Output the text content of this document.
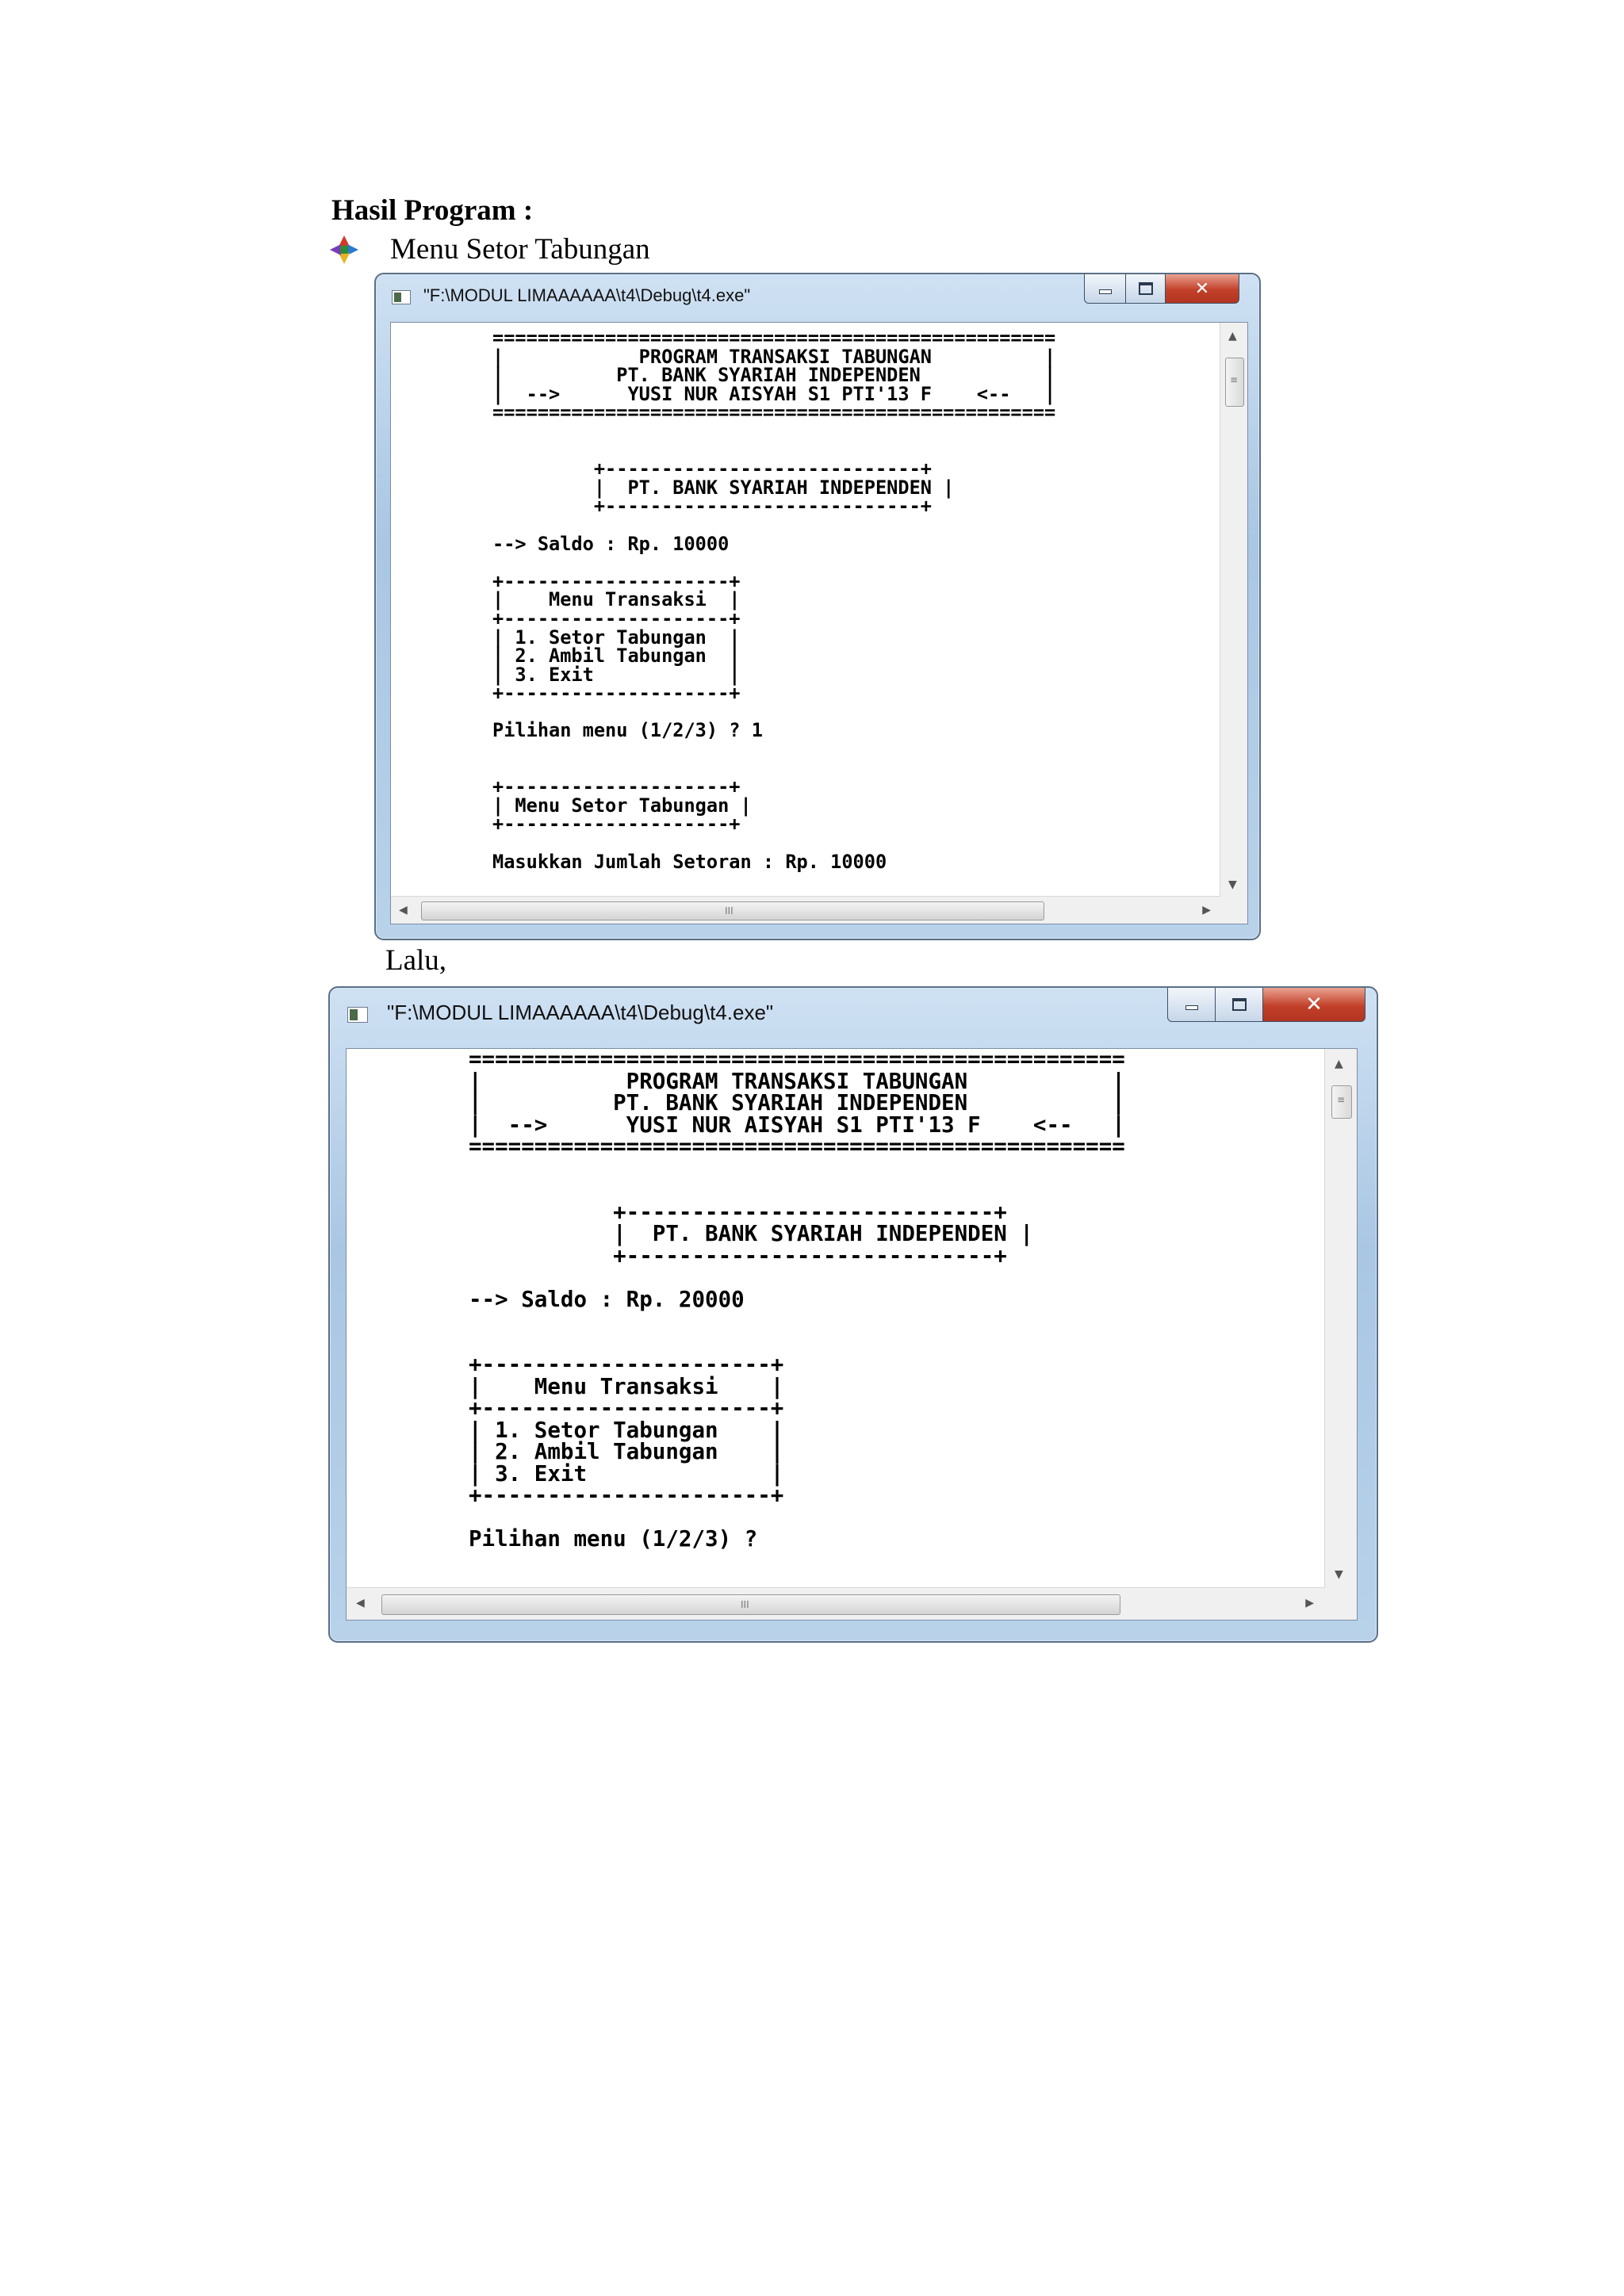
Hasil Program :
Menu Setor Tabungan
"F:\MODUL LIMAAAAAA\t4\Debug\t4.exe"	✕
==================================================
|            PROGRAM TRANSAKSI TABUNGAN          |
|          PT. BANK SYARIAH INDEPENDEN           |
|  -->      YUSI NUR AISYAH S1 PTI'13 F    <--   |
==================================================

+----------------------------+
|  PT. BANK SYARIAH INDEPENDEN |
+----------------------------+

--> Saldo : Rp. 10000

+--------------------+
|    Menu Transaksi  |
+--------------------+
| 1. Setor Tabungan  |
| 2. Ambil Tabungan  |
| 3. Exit            |
+--------------------+

Pilihan menu (1/2/3) ? 1

+--------------------+
| Menu Setor Tabungan |
+--------------------+

Masukkan Jumlah Setoran : Rp. 10000
▲
≡
▼
◀	III	▶
Lalu,
"F:\MODUL LIMAAAAAA\t4\Debug\t4.exe"	✕
==================================================
|           PROGRAM TRANSAKSI TABUNGAN           |
|          PT. BANK SYARIAH INDEPENDEN           |
|  -->      YUSI NUR AISYAH S1 PTI'13 F    <--   |
==================================================

+----------------------------+
|  PT. BANK SYARIAH INDEPENDEN |
+----------------------------+

--> Saldo : Rp. 20000

+----------------------+
|    Menu Transaksi    |
+----------------------+
| 1. Setor Tabungan    |
| 2. Ambil Tabungan    |
| 3. Exit              |
+----------------------+

Pilihan menu (1/2/3) ?
▲
≡
▼
◀	III	▶
